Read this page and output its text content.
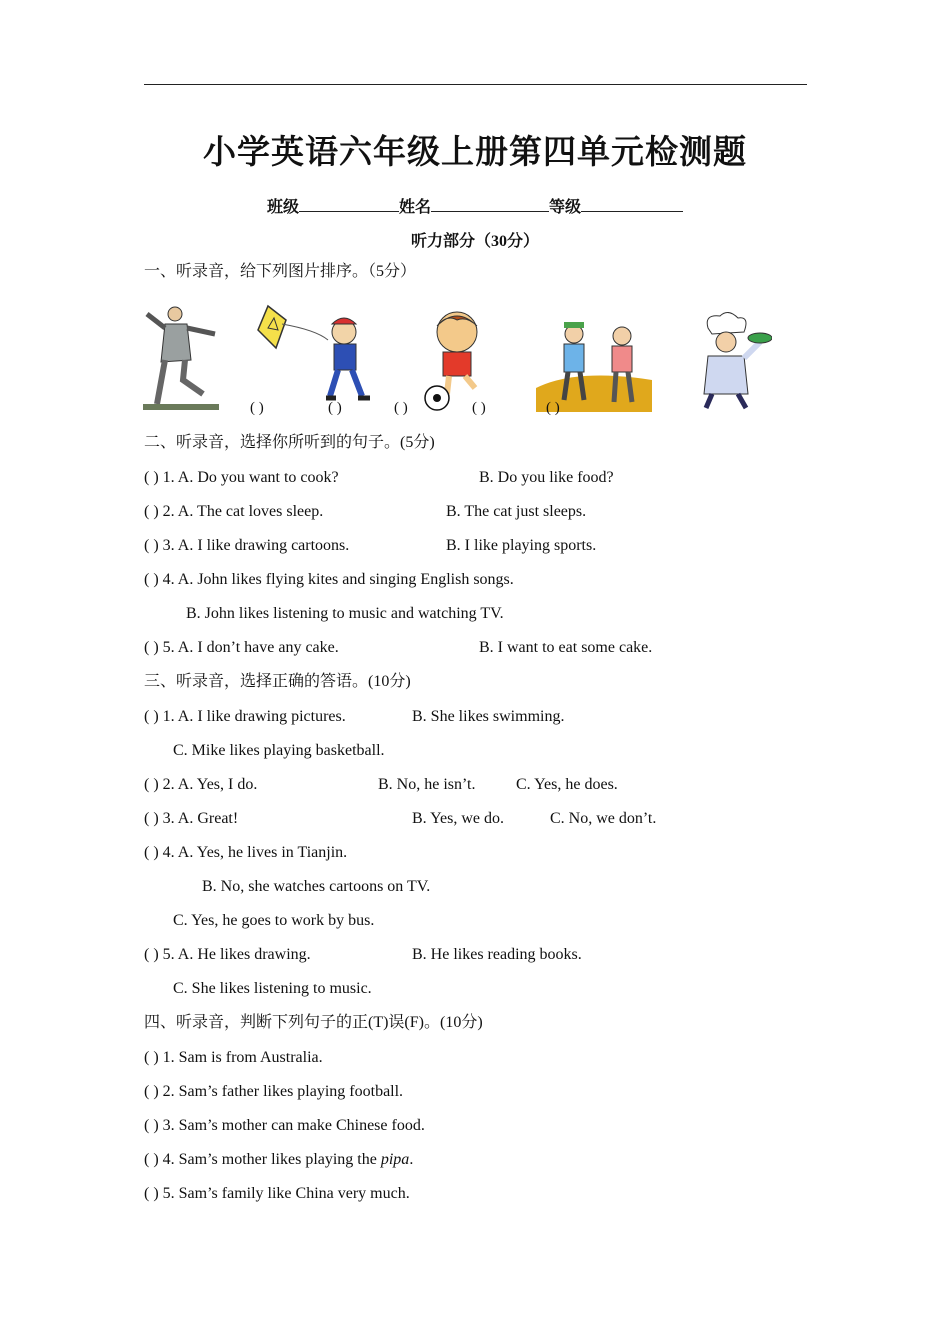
小学英语六年级上册第四单元检测题
班级	姓名	等级
听力部分（30分）
一、听录音，给下列图片排序。（5分）
( )	( )	( )	( )	( )
二、听录音，选择你所听到的句子。(5分)
( ) 1. A. Do you want to cook?	B. Do you like food?
( ) 2. A. The cat loves sleep.	B. The cat just sleeps.
( ) 3. A. I like drawing cartoons.	B. I like playing sports.
( ) 4. A. John likes flying kites and singing English songs.
B. John likes listening to music and watching TV.
( ) 5. A. I don’t have any cake.	B. I want to eat some cake.
三、听录音，选择正确的答语。(10分)
( ) 1. A. I like drawing pictures.	B. She likes swimming.
C. Mike likes playing basketball.
( ) 2. A. Yes, I do.	B. No, he isn’t.	C. Yes, he does.
( ) 3. A. Great!	B. Yes, we do.	C. No, we don’t.
( ) 4. A. Yes, he lives in Tianjin.
B. No, she watches cartoons on TV.
C. Yes, he goes to work by bus.
( ) 5. A. He likes drawing.	B. He likes reading books.
C. She likes listening to music.
四、听录音，判断下列句子的正(T)误(F)。(10分)
( ) 1. Sam is from Australia.
( ) 2. Sam’s father likes playing football.
( ) 3. Sam’s mother can make Chinese food.
( ) 4. Sam’s mother likes playing the pipa.
( ) 5. Sam’s family like China very much.
